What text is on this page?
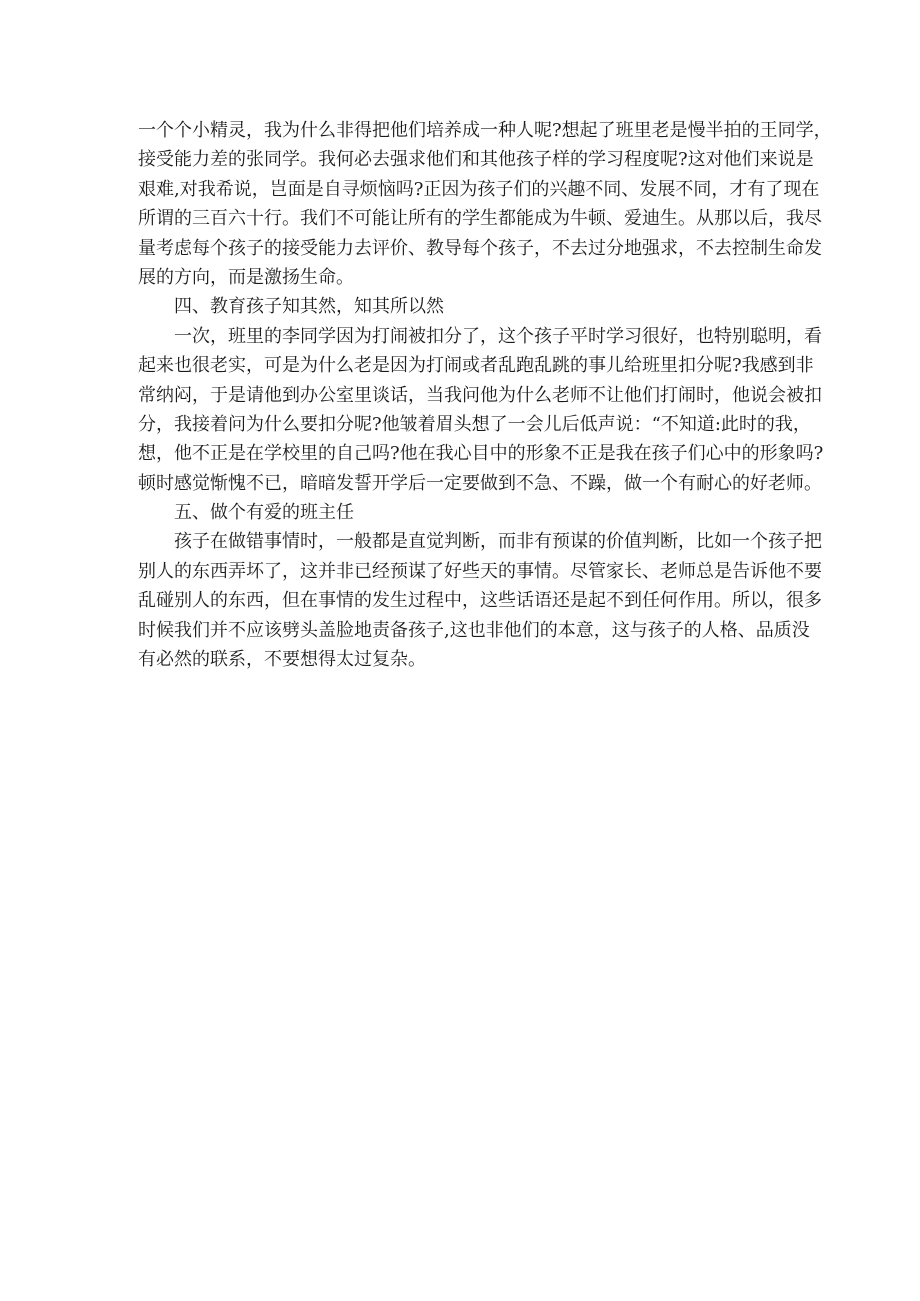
一个个小精灵，我为什么非得把他们培养成一种人呢?想起了班里老是慢半拍的王同学，
接受能力差的张同学。我何必去强求他们和其他孩子样的学习程度呢?这对他们来说是
艰难,对我希说，岂面是自寻烦恼吗?正因为孩子们的兴趣不同、发展不同，才有了现在
所谓的三百六十行。我们不可能让所有的学生都能成为牛顿、爱迪生。从那以后，我尽
量考虑每个孩子的接受能力去评价、教导每个孩子，不去过分地强求，不去控制生命发
展的方向，而是激扬生命。
四、教育孩子知其然，知其所以然
一次，班里的李同学因为打闹被扣分了，这个孩子平时学习很好，也特别聪明，看
起来也很老实，可是为什么老是因为打闹或者乱跑乱跳的事儿给班里扣分呢?我感到非
常纳闷，于是请他到办公室里谈话，当我问他为什么老师不让他们打闹时，他说会被扣
分，我接着问为什么要扣分呢?他皱着眉头想了一会儿后低声说：“不知道:此时的我，
想，他不正是在学校里的自己吗?他在我心目中的形象不正是我在孩子们心中的形象吗?
顿时感觉惭愧不已，暗暗发誓开学后一定要做到不急、不躁，做一个有耐心的好老师。
五、做个有爱的班主任
孩子在做错事情时，一般都是直觉判断，而非有预谋的价值判断，比如一个孩子把
别人的东西弄坏了，这并非已经预谋了好些天的事情。尽管家长、老师总是告诉他不要
乱碰别人的东西，但在事情的发生过程中，这些话语还是起不到任何作用。所以，很多
时候我们并不应该劈头盖脸地责备孩子,这也非他们的本意，这与孩子的人格、品质没
有必然的联系，不要想得太过复杂。
